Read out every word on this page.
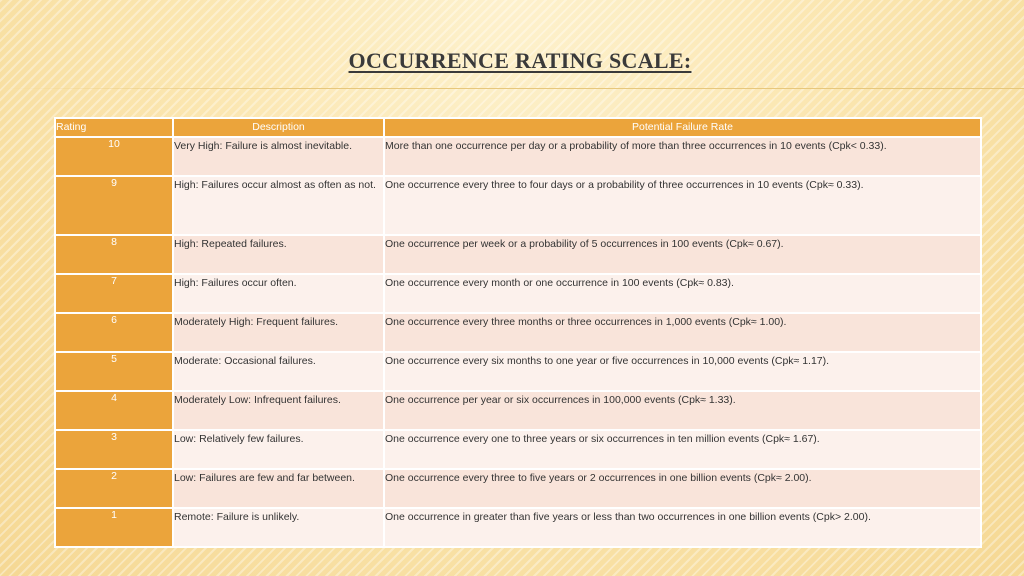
OCCURRENCE RATING SCALE:
Rating	Description	Potential Failure Rate
10	Very High: Failure is almost inevitable.	More than one occurrence per day or a probability of more than three occurrences in 10 events (Cpk< 0.33).
9	High: Failures occur almost as often as not.	One occurrence every three to four days or a probability of three occurrences in 10 events (Cpk≈ 0.33).
8	High: Repeated failures.	One occurrence per week or a probability of 5 occurrences in 100 events (Cpk≈ 0.67).
7	High: Failures occur often.	One occurrence every month or one occurrence in 100 events (Cpk≈ 0.83).
6	Moderately High: Frequent failures.	One occurrence every three months or three occurrences in 1,000 events (Cpk≈ 1.00).
5	Moderate: Occasional failures.	One occurrence every six months to one year or five occurrences in 10,000 events (Cpk≈ 1.17).
4	Moderately Low: Infrequent failures.	One occurrence per year or six occurrences in 100,000 events (Cpk≈ 1.33).
3	Low: Relatively few failures.	One occurrence every one to three years or six occurrences in ten million events (Cpk≈ 1.67).
2	Low: Failures are few and far between.	One occurrence every three to five years or 2 occurrences in one billion events (Cpk≈ 2.00).
1	Remote: Failure is unlikely.	One occurrence in greater than five years or less than two occurrences in one billion events (Cpk> 2.00).
